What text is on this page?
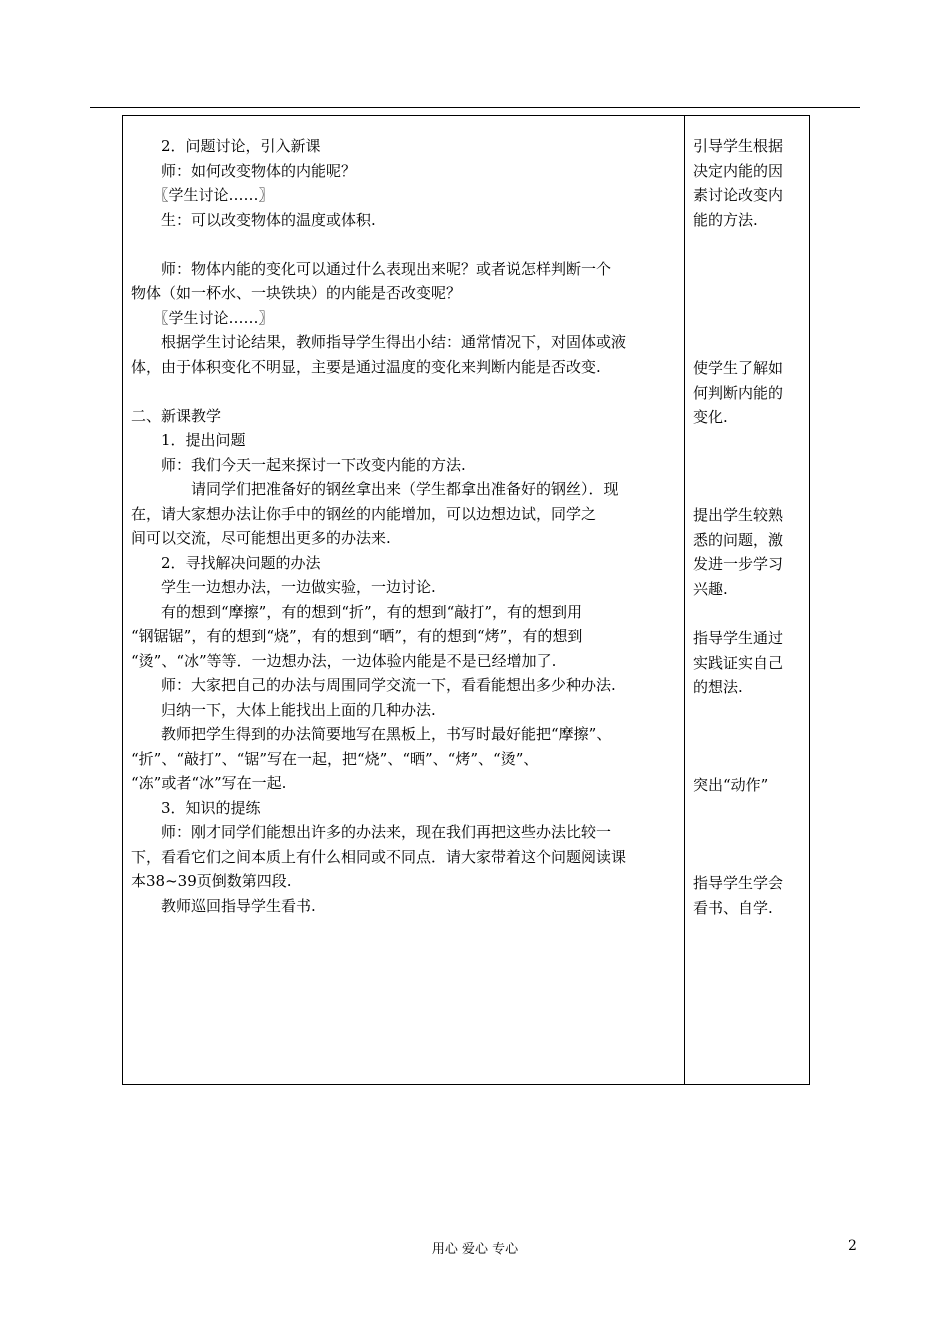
　　2．问题讨论，引入新课
　　师：如何改变物体的内能呢？
　　〖学生讨论……〗
　　生：可以改变物体的温度或体积.
　　师：物体内能的变化可以通过什么表现出来呢？或者说怎样判断一个
物体（如一杯水、一块铁块）的内能是否改变呢？
　　〖学生讨论……〗
　　根据学生讨论结果，教师指导学生得出小结：通常情况下，对固体或液
体，由于体积变化不明显，主要是通过温度的变化来判断内能是否改变.
二、新课教学
　　1．提出问题
　　师：我们今天一起来探讨一下改变内能的方法.
　　　　请同学们把准备好的钢丝拿出来（学生都拿出准备好的钢丝）．现
在，请大家想办法让你手中的钢丝的内能增加，可以边想边试，同学之
间可以交流，尽可能想出更多的办法来.
　　2．寻找解决问题的办法
　　学生一边想办法，一边做实验，一边讨论.
　　有的想到“摩擦”，有的想到“折”，有的想到“敲打”，有的想到用
“钢锯锯”，有的想到“烧”，有的想到“晒”，有的想到“烤”，有的想到
“烫”、“冰”等等．一边想办法，一边体验内能是不是已经增加了.
　　师：大家把自己的办法与周围同学交流一下，看看能想出多少种办法.
　　归纳一下，大体上能找出上面的几种办法.
　　教师把学生得到的办法简要地写在黑板上，书写时最好能把“摩擦”、
“折”、“敲打”、“锯”写在一起，把“烧”、“晒”、“烤”、“烫”、
“冻”或者“冰”写在一起.
　　3．知识的提练
　　师：刚才同学们能想出许多的办法来，现在我们再把这些办法比较一
下，看看它们之间本质上有什么相同或不同点．请大家带着这个问题阅读课
本38~39页倒数第四段.
　　教师巡回指导学生看书.
引导学生根据
决定内能的因
素讨论改变内
能的方法.
使学生了解如
何判断内能的
变化.
提出学生较熟
悉的问题，激
发进一步学习
兴趣.
指导学生通过
实践证实自己
的想法.
突出“动作”
指导学生学会
看书、自学.
用心 爱心 专心	2
